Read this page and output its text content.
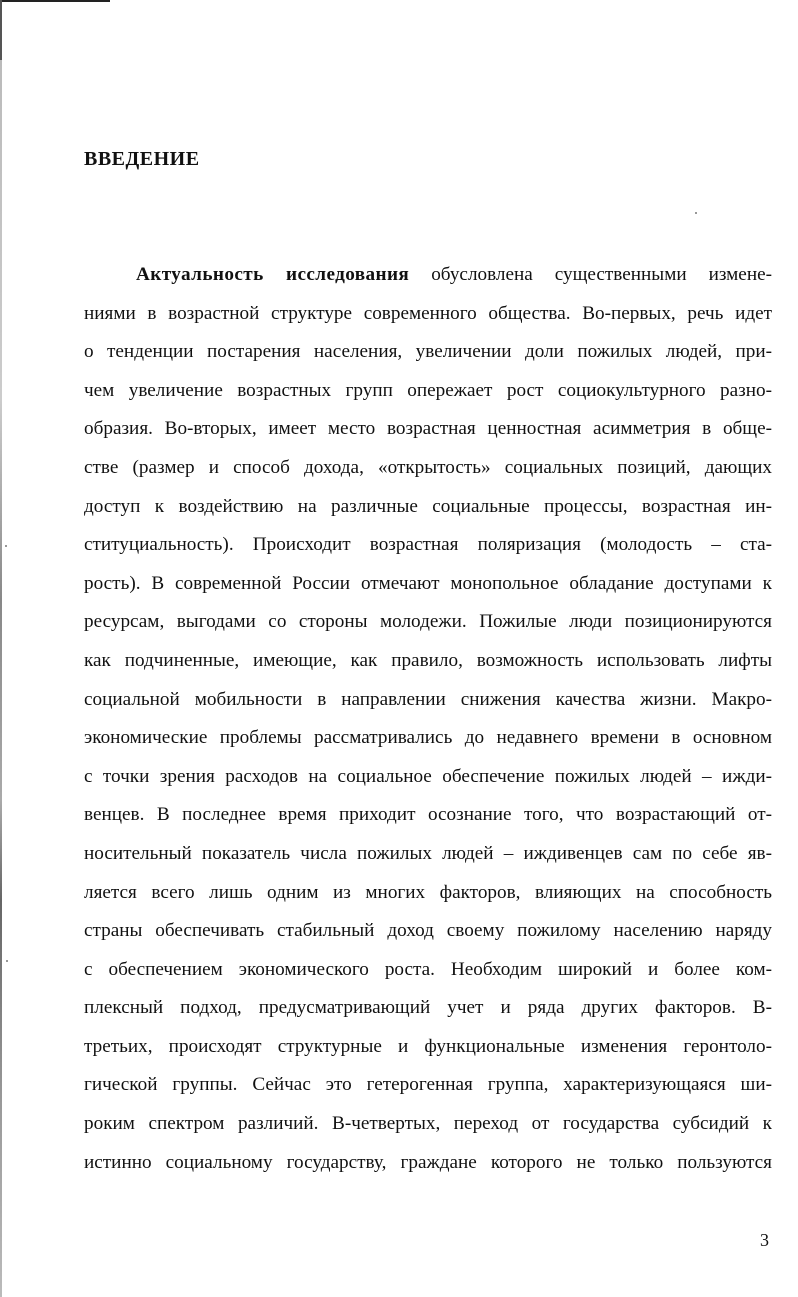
ВВЕДЕНИЕ
Актуальность исследования обусловлена существенными измене-
ниями в возрастной структуре современного общества. Во-первых, речь идет
о тенденции постарения населения, увеличении доли пожилых людей, при-
чем увеличение возрастных групп опережает рост социокультурного разно-
образия. Во-вторых, имеет место возрастная ценностная асимметрия в обще-
стве (размер и способ дохода, «открытость» социальных позиций, дающих
доступ к воздействию на различные социальные процессы, возрастная ин-
ституциальность). Происходит возрастная поляризация (молодость – ста-
рость). В современной России отмечают монопольное обладание доступами к
ресурсам, выгодами со стороны молодежи. Пожилые люди позиционируются
как подчиненные, имеющие, как правило, возможность использовать лифты
социальной мобильности в направлении снижения качества жизни. Макро-
экономические проблемы рассматривались до недавнего времени в основном
с точки зрения расходов на социальное обеспечение пожилых людей – ижди-
венцев. В последнее время приходит осознание того, что возрастающий от-
носительный показатель числа пожилых людей – иждивенцев сам по себе яв-
ляется всего лишь одним из многих факторов, влияющих на способность
страны обеспечивать стабильный доход своему пожилому населению наряду
с обеспечением экономического роста. Необходим широкий и более ком-
плексный подход, предусматривающий учет и ряда других факторов. В-
третьих, происходят структурные и функциональные изменения геронтоло-
гической группы. Сейчас это гетерогенная группа, характеризующаяся ши-
роким спектром различий. В-четвертых, переход от государства субсидий к
истинно социальному государству, граждане которого не только пользуются
3
